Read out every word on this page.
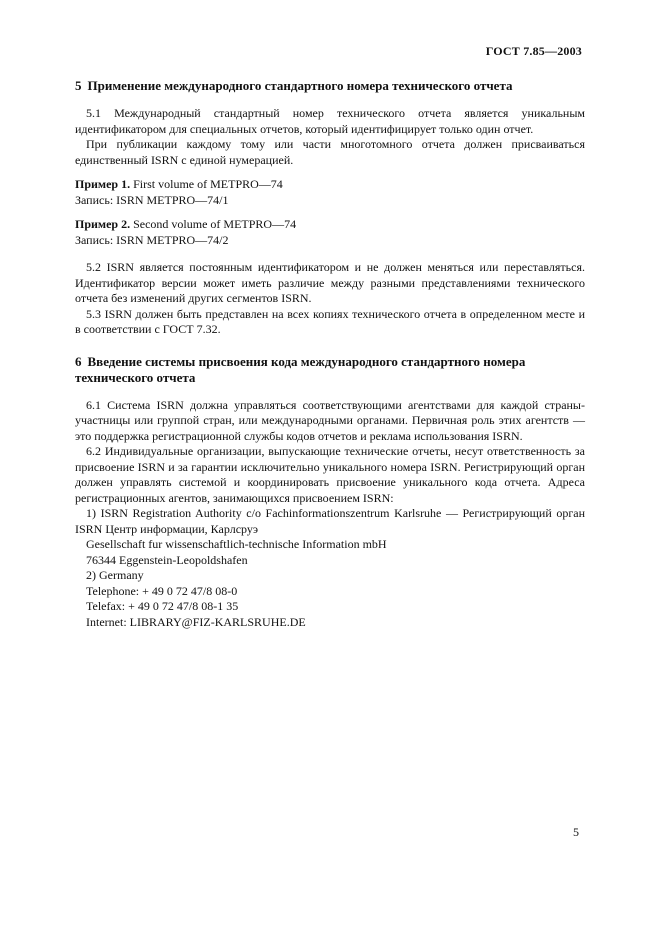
ГОСТ 7.85—2003
5 Применение международного стандартного номера технического отчета

5.1 Международный стандартный номер технического отчета является уникальным идентификатором для специальных отчетов, который идентифицирует только один отчет.

При публикации каждому тому или части многотомного отчета должен присваиваться единственный ISRN с единой нумерацией.

Пример 1. First volume of METPRO—74
Запись: ISRN METPRO—74/1
Пример 2. Second volume of METPRO—74
Запись: ISRN METPRO—74/2

5.2 ISRN является постоянным идентификатором и не должен меняться или переставляться. Идентификатор версии может иметь различие между разными представлениями технического отчета без изменений других сегментов ISRN.

5.3 ISRN должен быть представлен на всех копиях технического отчета в определенном месте и в соответствии с ГОСТ 7.32.

6 Введение системы присвоения кода международного стандартного номера технического отчета

6.1 Система ISRN должна управляться соответствующими агентствами для каждой страны-участницы или группой стран, или международными органами. Первичная роль этих агентств — это поддержка регистрационной службы кодов отчетов и реклама использования ISRN.

6.2 Индивидуальные организации, выпускающие технические отчеты, несут ответственность за присвоение ISRN и за гарантии исключительно уникального номера ISRN. Регистрирующий орган должен управлять системой и координировать присвоение уникального кода отчета. Адреса регистрационных агентов, занимающихся присвоением ISRN:

1) ISRN Registration Authority c/o Fachinformationszentrum Karlsruhe — Регистрирующий орган ISRN Центр информации, Карлсруэ

Gesellschaft fur wissenschaftlich-technische Information mbH

76344 Eggenstein-Leopoldshafen

2) Germany

Telephone: + 49 0 72 47/8 08-0

Telefax: + 49 0 72 47/8 08-1 35

Internet: LIBRARY@FIZ-KARLSRUHE.DE

5
